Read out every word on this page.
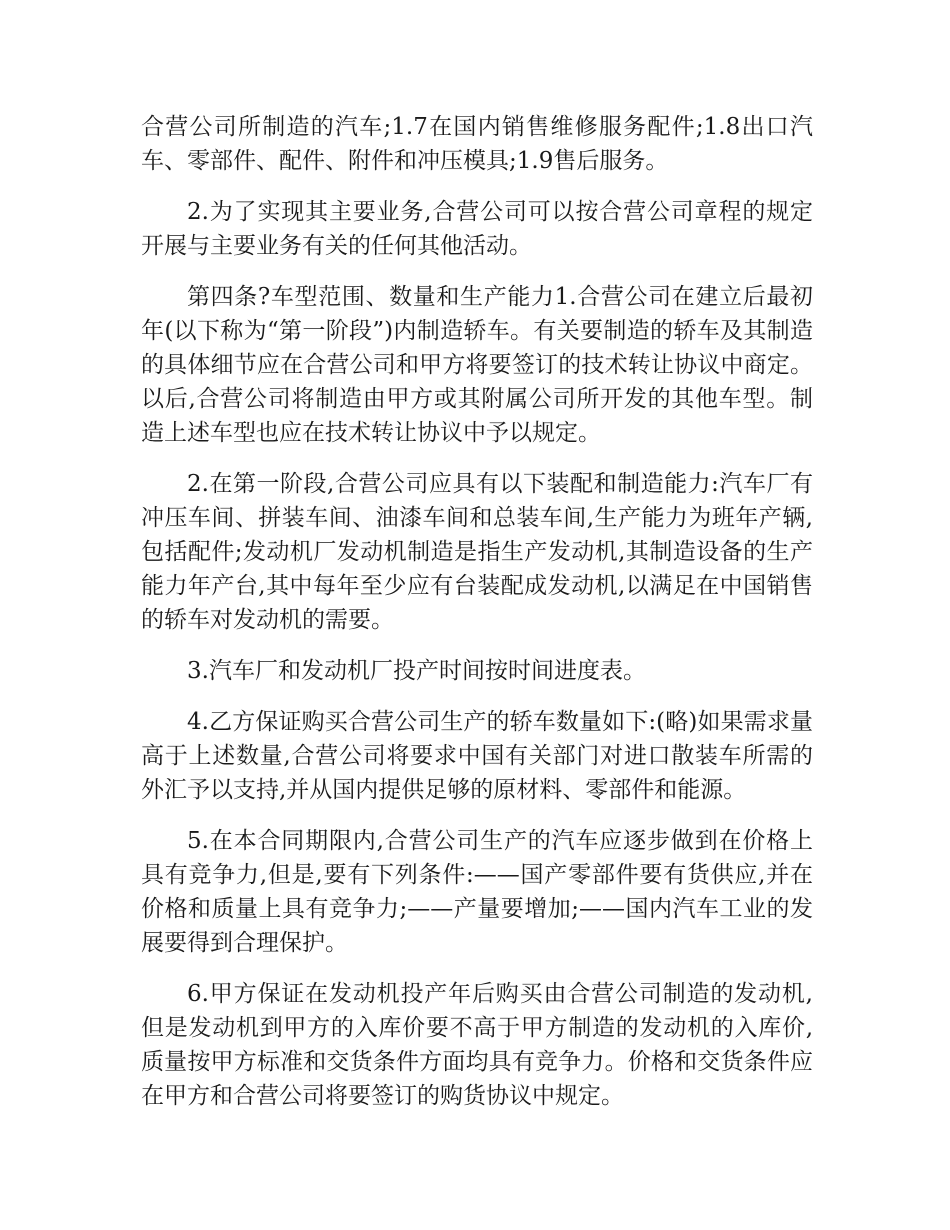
合营公司所制造的汽车;1.7在国内销售维修服务配件;1.8出口汽车、零部件、配件、附件和冲压模具;1.9售后服务。

2.为了实现其主要业务,合营公司可以按合营公司章程的规定开展与主要业务有关的任何其他活动。

第四条?车型范围、数量和生产能力1.合营公司在建立后最初年(以下称为“第一阶段”)内制造轿车。有关要制造的轿车及其制造的具体细节应在合营公司和甲方将要签订的技术转让协议中商定。以后,合营公司将制造由甲方或其附属公司所开发的其他车型。制造上述车型也应在技术转让协议中予以规定。

2.在第一阶段,合营公司应具有以下装配和制造能力:汽车厂有冲压车间、拼装车间、油漆车间和总装车间,生产能力为班年产辆,包括配件;发动机厂发动机制造是指生产发动机,其制造设备的生产能力年产台,其中每年至少应有台装配成发动机,以满足在中国销售的轿车对发动机的需要。

3.汽车厂和发动机厂投产时间按时间进度表。

4.乙方保证购买合营公司生产的轿车数量如下:(略)如果需求量高于上述数量,合营公司将要求中国有关部门对进口散装车所需的外汇予以支持,并从国内提供足够的原材料、零部件和能源。

5.在本合同期限内,合营公司生产的汽车应逐步做到在价格上具有竞争力,但是,要有下列条件:——国产零部件要有货供应,并在价格和质量上具有竞争力;——产量要增加;——国内汽车工业的发展要得到合理保护。

6.甲方保证在发动机投产年后购买由合营公司制造的发动机,但是发动机到甲方的入库价要不高于甲方制造的发动机的入库价,质量按甲方标准和交货条件方面均具有竞争力。价格和交货条件应在甲方和合营公司将要签订的购货协议中规定。
